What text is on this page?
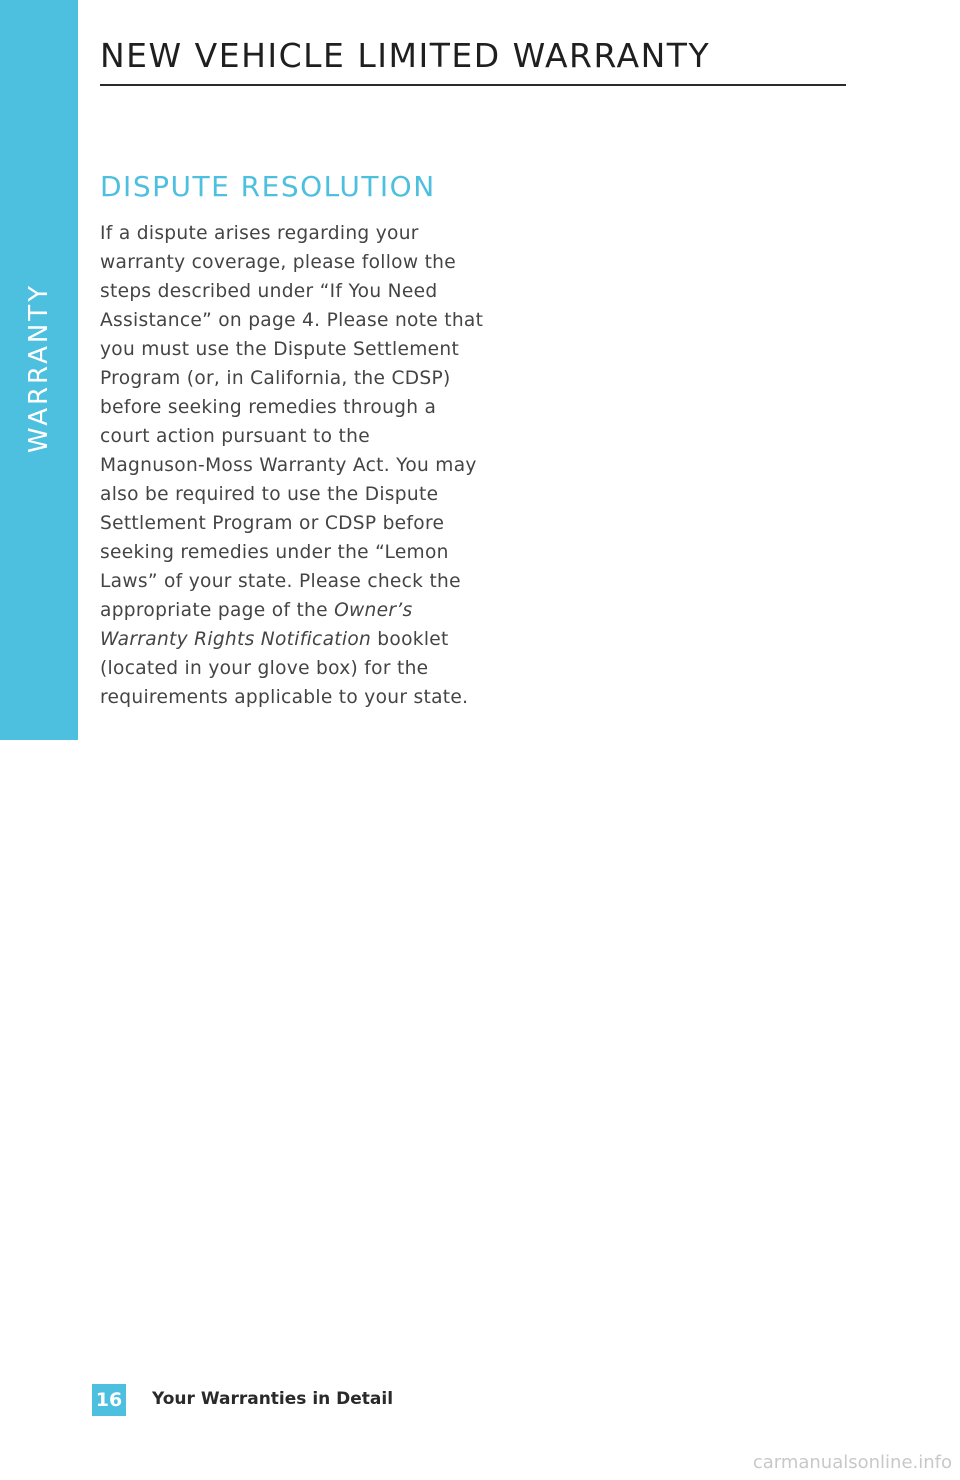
WARRANTY
NEW VEHICLE LIMITED WARRANTY
DISPUTE RESOLUTION
If a dispute arises regarding your
warranty coverage, please follow the
steps described under “If You Need
Assistance” on page 4. Please note that
you must use the Dispute Settlement
Program (or, in California, the CDSP)
before seeking remedies through a
court action pursuant to the
Magnuson-Moss Warranty Act. You may
also be required to use the Dispute
Settlement Program or CDSP before
seeking remedies under the “Lemon
Laws” of your state. Please check the
appropriate page of the Owner’s
Warranty Rights Notification booklet
(located in your glove box) for the
requirements applicable to your state.
16 Your Warranties in Detail
carmanualsonline.info
